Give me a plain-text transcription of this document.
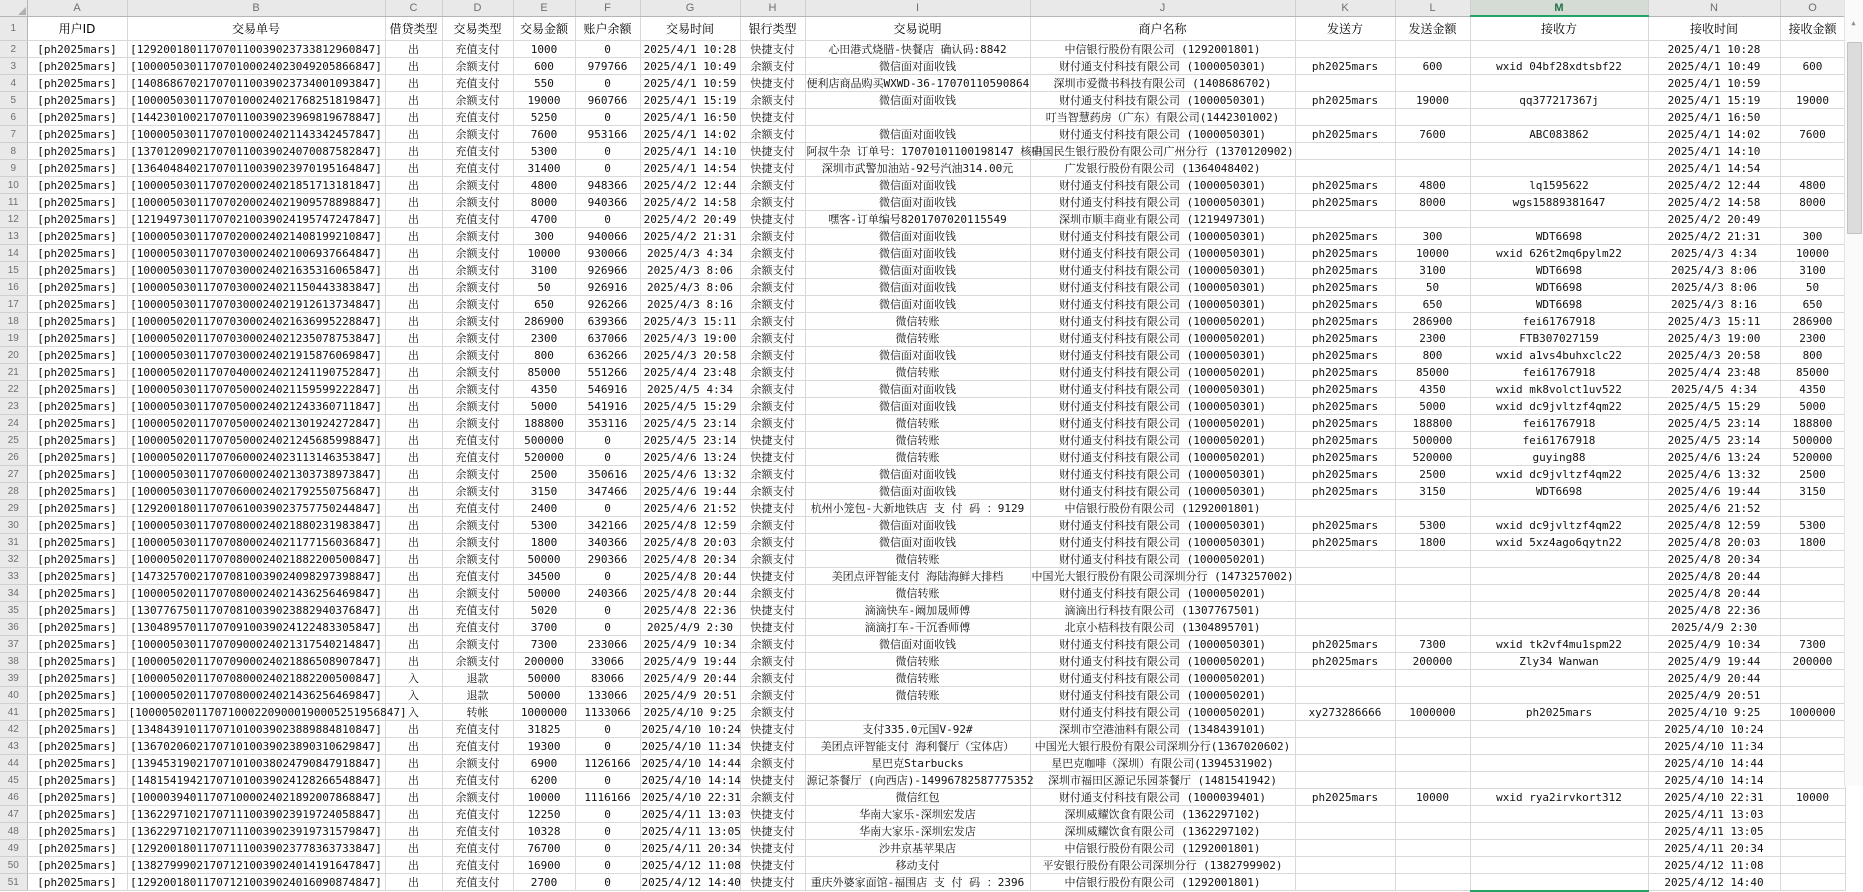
	A	B	C	D	E	F	G	H	I	J	K	L	M	N	O
1	用户ID	交易单号	借贷类型	交易类型	交易金额	账户余额	交易时间	银行类型	交易说明	商户名称	发送方	发送金额	接收方	接收时间	接收金额
2	[ph2025mars]	[129200180117070110039023733812960847]	出	充值支付	1000	0	2025/4/1 10:28	快捷支付	心田港式烧腊-快餐店 确认码:8842	中信银行股份有限公司 (1292001801)				2025/4/1 10:28	
3	[ph2025mars]	[100005030117070100024023049205866847]	出	余额支付	600	979766	2025/4/1 10:49	余额支付	微信面对面收钱	财付通支付科技有限公司 (1000050301)	ph2025mars	600	wxid 04bf28xdtsbf22	2025/4/1 10:49	600
4	[ph2025mars]	[140868670217070110039023734001093847]	出	充值支付	550	0	2025/4/1 10:59	快捷支付	便利店商品购买WXWD-36-17070110590864	深圳市爱微书科技有限公司 (1408686702)				2025/4/1 10:59	
5	[ph2025mars]	[100005030117070100024021768251819847]	出	余额支付	19000	960766	2025/4/1 15:19	余额支付	微信面对面收钱	财付通支付科技有限公司 (1000050301)	ph2025mars	19000	qq377217367j	2025/4/1 15:19	19000
6	[ph2025mars]	[144230100217070110039023969819678847]	出	充值支付	5250	0	2025/4/1 16:50	快捷支付		叮当智慧药房（广东）有限公司(1442301002)				2025/4/1 16:50	
7	[ph2025mars]	[100005030117070100024021143342457847]	出	余额支付	7600	953166	2025/4/1 14:02	余额支付	微信面对面收钱	财付通支付科技有限公司 (1000050301)	ph2025mars	7600	ABC083862	2025/4/1 14:02	7600
8	[ph2025mars]	[137012090217070110039024070087582847]	出	充值支付	5300	0	2025/4/1 14:10	快捷支付	阿叔牛杂 订单号：17070101100198147 核码	中国民生银行股份有限公司广州分行 (1370120902)				2025/4/1 14:10	
9	[ph2025mars]	[136404840217070110039023970195164847]	出	充值支付	31400	0	2025/4/1 14:54	快捷支付	深圳市武警加油站-92号汽油314.00元	广发银行股份有限公司 (1364048402)				2025/4/1 14:54	
10	[ph2025mars]	[100005030117070200024021851713181847]	出	余额支付	4800	948366	2025/4/2 12:44	余额支付	微信面对面收钱	财付通支付科技有限公司 (1000050301)	ph2025mars	4800	lq1595622	2025/4/2 12:44	4800
11	[ph2025mars]	[100005030117070200024021909578898847]	出	余额支付	8000	940366	2025/4/2 14:58	余额支付	微信面对面收钱	财付通支付科技有限公司 (1000050301)	ph2025mars	8000	wgs15889381647	2025/4/2 14:58	8000
12	[ph2025mars]	[121949730117070210039024195747247847]	出	充值支付	4700	0	2025/4/2 20:49	快捷支付	嘿客-订单编号8201707020115549	深圳市顺丰商业有限公司 (1219497301)				2025/4/2 20:49	
13	[ph2025mars]	[100005030117070200024021408199210847]	出	余额支付	300	940066	2025/4/2 21:31	余额支付	微信面对面收钱	财付通支付科技有限公司 (1000050301)	ph2025mars	300	WDT6698	2025/4/2 21:31	300
14	[ph2025mars]	[100005030117070300024021006937664847]	出	余额支付	10000	930066	2025/4/3 4:34	余额支付	微信面对面收钱	财付通支付科技有限公司 (1000050301)	ph2025mars	10000	wxid 626t2mq6pylm22	2025/4/3 4:34	10000
15	[ph2025mars]	[100005030117070300024021635316065847]	出	余额支付	3100	926966	2025/4/3 8:06	余额支付	微信面对面收钱	财付通支付科技有限公司 (1000050301)	ph2025mars	3100	WDT6698	2025/4/3 8:06	3100
16	[ph2025mars]	[100005030117070300024021150443383847]	出	余额支付	50	926916	2025/4/3 8:06	余额支付	微信面对面收钱	财付通支付科技有限公司 (1000050301)	ph2025mars	50	WDT6698	2025/4/3 8:06	50
17	[ph2025mars]	[100005030117070300024021912613734847]	出	余额支付	650	926266	2025/4/3 8:16	余额支付	微信面对面收钱	财付通支付科技有限公司 (1000050301)	ph2025mars	650	WDT6698	2025/4/3 8:16	650
18	[ph2025mars]	[100005020117070300024021636995228847]	出	余额支付	286900	639366	2025/4/3 15:11	余额支付	微信转账	财付通支付科技有限公司 (1000050201)	ph2025mars	286900	fei61767918	2025/4/3 15:11	286900
19	[ph2025mars]	[100005020117070300024021235078753847]	出	余额支付	2300	637066	2025/4/3 19:00	余额支付	微信转账	财付通支付科技有限公司 (1000050201)	ph2025mars	2300	FTB307027159	2025/4/3 19:00	2300
20	[ph2025mars]	[100005030117070300024021915876069847]	出	余额支付	800	636266	2025/4/3 20:58	余额支付	微信面对面收钱	财付通支付科技有限公司 (1000050301)	ph2025mars	800	wxid a1vs4buhxclc22	2025/4/3 20:58	800
21	[ph2025mars]	[100005020117070400024021241190752847]	出	余额支付	85000	551266	2025/4/4 23:48	余额支付	微信转账	财付通支付科技有限公司 (1000050201)	ph2025mars	85000	fei61767918	2025/4/4 23:48	85000
22	[ph2025mars]	[100005030117070500024021159599222847]	出	余额支付	4350	546916	2025/4/5 4:34	余额支付	微信面对面收钱	财付通支付科技有限公司 (1000050301)	ph2025mars	4350	wxid mk8volct1uv522	2025/4/5 4:34	4350
23	[ph2025mars]	[100005030117070500024021243360711847]	出	余额支付	5000	541916	2025/4/5 15:29	余额支付	微信面对面收钱	财付通支付科技有限公司 (1000050301)	ph2025mars	5000	wxid dc9jvltzf4qm22	2025/4/5 15:29	5000
24	[ph2025mars]	[100005020117070500024021301924272847]	出	余额支付	188800	353116	2025/4/5 23:14	余额支付	微信转账	财付通支付科技有限公司 (1000050201)	ph2025mars	188800	fei61767918	2025/4/5 23:14	188800
25	[ph2025mars]	[100005020117070500024021245685998847]	出	充值支付	500000	0	2025/4/5 23:14	快捷支付	微信转账	财付通支付科技有限公司 (1000050201)	ph2025mars	500000	fei61767918	2025/4/5 23:14	500000
26	[ph2025mars]	[100005020117070600024023113146353847]	出	充值支付	520000	0	2025/4/6 13:24	快捷支付	微信转账	财付通支付科技有限公司 (1000050201)	ph2025mars	520000	guying88	2025/4/6 13:24	520000
27	[ph2025mars]	[100005030117070600024021303738973847]	出	余额支付	2500	350616	2025/4/6 13:32	余额支付	微信面对面收钱	财付通支付科技有限公司 (1000050301)	ph2025mars	2500	wxid dc9jvltzf4qm22	2025/4/6 13:32	2500
28	[ph2025mars]	[100005030117070600024021792550756847]	出	余额支付	3150	347466	2025/4/6 19:44	余额支付	微信面对面收钱	财付通支付科技有限公司 (1000050301)	ph2025mars	3150	WDT6698	2025/4/6 19:44	3150
29	[ph2025mars]	[129200180117070610039023757750244847]	出	充值支付	2400	0	2025/4/6 21:52	快捷支付	杭州小笼包-大新地铁店 支 付 码 ：9129	中信银行股份有限公司 (1292001801)				2025/4/6 21:52	
30	[ph2025mars]	[100005030117070800024021880231983847]	出	余额支付	5300	342166	2025/4/8 12:59	余额支付	微信面对面收钱	财付通支付科技有限公司 (1000050301)	ph2025mars	5300	wxid dc9jvltzf4qm22	2025/4/8 12:59	5300
31	[ph2025mars]	[100005030117070800024021177156036847]	出	余额支付	1800	340366	2025/4/8 20:03	余额支付	微信面对面收钱	财付通支付科技有限公司 (1000050301)	ph2025mars	1800	wxid 5xz4ago6qytn22	2025/4/8 20:03	1800
32	[ph2025mars]	[100005020117070800024021882200500847]	出	余额支付	50000	290366	2025/4/8 20:34	余额支付	微信转账	财付通支付科技有限公司 (1000050201)				2025/4/8 20:34	
33	[ph2025mars]	[147325700217070810039024098297398847]	出	充值支付	34500	0	2025/4/8 20:44	快捷支付	美团点评智能支付 海陆海鲜大排档	中国光大银行股份有限公司深圳分行 (1473257002)				2025/4/8 20:44	
34	[ph2025mars]	[100005020117070800024021436256469847]	出	余额支付	50000	240366	2025/4/8 20:44	余额支付	微信转账	财付通支付科技有限公司 (1000050201)				2025/4/8 20:44	
35	[ph2025mars]	[130776750117070810039023882940376847]	出	充值支付	5020	0	2025/4/8 22:36	快捷支付	滴滴快车-阚加晟师傅	滴滴出行科技有限公司 (1307767501)				2025/4/8 22:36	
36	[ph2025mars]	[130489570117070910039024122483305847]	出	充值支付	3700	0	2025/4/9 2:30	快捷支付	滴滴打车-干沉香师傅	北京小桔科技有限公司 (1304895701)				2025/4/9 2:30	
37	[ph2025mars]	[100005030117070900024021317540214847]	出	余额支付	7300	233066	2025/4/9 10:34	余额支付	微信面对面收钱	财付通支付科技有限公司 (1000050301)	ph2025mars	7300	wxid tk2vf4mu1spm22	2025/4/9 10:34	7300
38	[ph2025mars]	[100005020117070900024021886508907847]	出	余额支付	200000	33066	2025/4/9 19:44	余额支付	微信转账	财付通支付科技有限公司 (1000050201)	ph2025mars	200000	Zly34 Wanwan	2025/4/9 19:44	200000
39	[ph2025mars]	[100005020117070800024021882200500847]	入	退款	50000	83066	2025/4/9 20:44	余额支付	微信转账	财付通支付科技有限公司 (1000050201)				2025/4/9 20:44	
40	[ph2025mars]	[100005020117070800024021436256469847]	入	退款	50000	133066	2025/4/9 20:51	余额支付	微信转账	财付通支付科技有限公司 (1000050201)				2025/4/9 20:51	
41	[ph2025mars]	[1000050201170710002209000190005251956847]	入	转帐	1000000	1133066	2025/4/10 9:25	余额支付		财付通支付科技有限公司 (1000050201)	xy273286666	1000000	ph2025mars	2025/4/10 9:25	1000000
42	[ph2025mars]	[134843910117071010039023889884810847]	出	充值支付	31825	0	2025/4/10 10:24	快捷支付	支付335.0元国V-92#	深圳市空港油料有限公司 (1348439101)				2025/4/10 10:24	
43	[ph2025mars]	[136702060217071010039023890310629847]	出	充值支付	19300	0	2025/4/10 11:34	快捷支付	美团点评智能支付 海利餐厅（宝体店）	中国光大银行股份有限公司深圳分行(1367020602)				2025/4/10 11:34	
44	[ph2025mars]	[139453190217071010038024790847918847]	出	余额支付	6900	1126166	2025/4/10 14:44	余额支付	星巴克Starbucks	星巴克咖啡（深圳）有限公司(1394531902)				2025/4/10 14:44	
45	[ph2025mars]	[148154194217071010039024128266548847]	出	充值支付	6200	0	2025/4/10 14:14	快捷支付	源记茶餐厅 (向西店)-14996782587775352	深圳市福田区源记乐园茶餐厅 (1481541942)				2025/4/10 14:14	
46	[ph2025mars]	[100003940117071000024021892007868847]	出	余额支付	10000	1116166	2025/4/10 22:31	余额支付	微信红包	财付通支付科技有限公司 (1000039401)	ph2025mars	10000	wxid rya2irvkort312	2025/4/10 22:31	10000
47	[ph2025mars]	[136229710217071110039023919724058847]	出	充值支付	12250	0	2025/4/11 13:03	快捷支付	华南大家乐-深圳宏发店	深圳威耀饮食有限公司 (1362297102)				2025/4/11 13:03	
48	[ph2025mars]	[136229710217071110039023919731579847]	出	充值支付	10328	0	2025/4/11 13:05	快捷支付	华南大家乐-深圳宏发店	深圳威耀饮食有限公司 (1362297102)				2025/4/11 13:05	
49	[ph2025mars]	[129200180117071110039023778363733847]	出	充值支付	76700	0	2025/4/11 20:34	快捷支付	沙井京基苹果店	中信银行股份有限公司 (1292001801)				2025/4/11 20:34	
50	[ph2025mars]	[138279990217071210039024014191647847]	出	充值支付	16900	0	2025/4/12 11:08	快捷支付	移动支付	平安银行股份有限公司深圳分行 (1382799902)				2025/4/12 11:08	
51	[ph2025mars]	[129200180117071210039024016090874847]	出	充值支付	2700	0	2025/4/12 14:40	快捷支付	重庆外婆家面馆-福围店 支 付 码 ：2396	中信银行股份有限公司 (1292001801)				2025/4/12 14:40	
▲
